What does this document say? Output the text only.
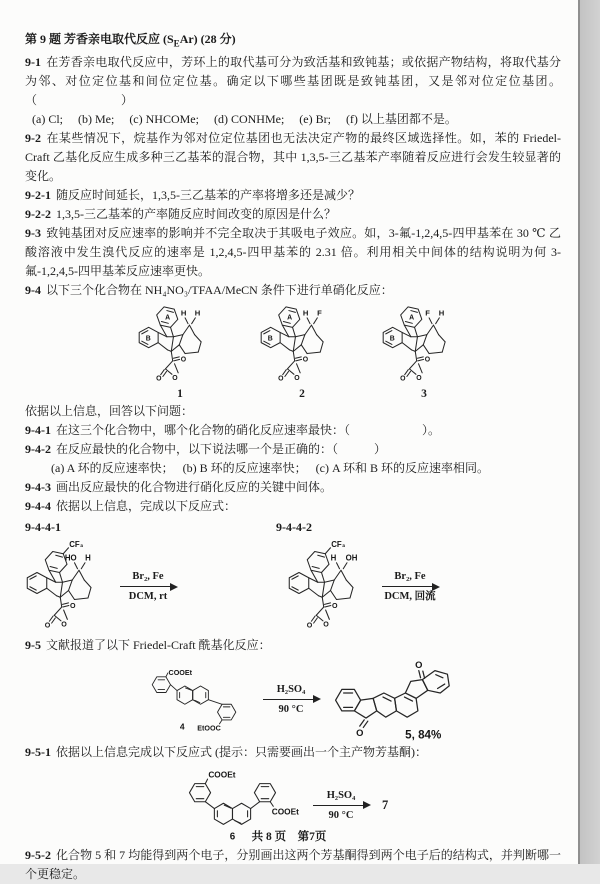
第 9 题 芳香亲电取代反应 $(S_EAr)$ (28 分)

9-1 在芳香亲电取代反应中，芳环上的取代基可分为致活基和致钝基；或依据产物结构，将取代基分为邻、对位定位基和间位定位基。确定以下哪些基团既是致钝基团，又是邻对位定位基团。（　　　　　　　）

(a) Cl;　 (b) Me;　 (c) NHCOMe;　 (d) CONHMe;　 (e) Br;　 (f) 以上基团都不是。

9-2 在某些情况下，烷基作为邻对位定位基团也无法决定产物的最终区域选择性。如，苯的 Friedel-Craft 乙基化反应生成多种三乙基苯的混合物，其中 1,3,5-三乙基苯产率随着反应进行会发生较显著的变化。

9-2-1 随反应时间延长，1,3,5-三乙基苯的产率将增多还是减少？

9-2-2 1,3,5-三乙基苯的产率随反应时间改变的原因是什么？

9-3 致钝基团对反应速率的影响并不完全取决于其吸电子效应。如，3-氟-1,2,4,5-四甲基苯在 30 ℃ 乙酸溶液中发生溴代反应的速率是 1,2,4,5-四甲基苯的 2.31 倍。利用相关中间体的结构说明为何 3-氟-1,2,4,5-四甲基苯反应速率更快。

9-4 以下三个化合物在 NH₄NO₃/TFAA/MeCN 条件下进行单硝化反应：

H H
A
B
O
O O
1
H F
A
B
O
O O
2
F H
A
B
O
O O
3

依据以上信息，回答以下问题：

9-4-1 在这三个化合物中，哪个化合物的硝化反应速率最快：（　　　　　　）。

9-4-2 在反应最快的化合物中，以下说法哪一个是正确的：（　　　）

(a) A 环的反应速率快；　 (b) B 环的反应速率快；　 (c) A 环和 B 环的反应速率相同。

9-4-3 画出反应最快的化合物进行硝化反应的关键中间体。

9-4-4 依据以上信息，完成以下反应式：

9-4-4-1	9-4-4-2
CF₃
HO H
O
O O
Br₂, Fe
DCM, rt
CF₃
H OH
O
O O
Br₂, Fe
DCM, 回流

9-5 文献报道了以下 Friedel-Craft 酰基化反应：

COOEt
EtOOC
4
H₂SO₄
90 °C
O
O	5, 84%

9-5-1 依据以上信息完成以下反应式 (提示：只需要画出一个主产物芳基酮)：

COOEt
COOEt
6
H₂SO₄
90 °C
7

9-5-2 化合物 5 和 7 均能得到两个电子，分别画出这两个芳基酮得到两个电子后的结构式，并判断哪一个更稳定。

共 8 页　第7页
